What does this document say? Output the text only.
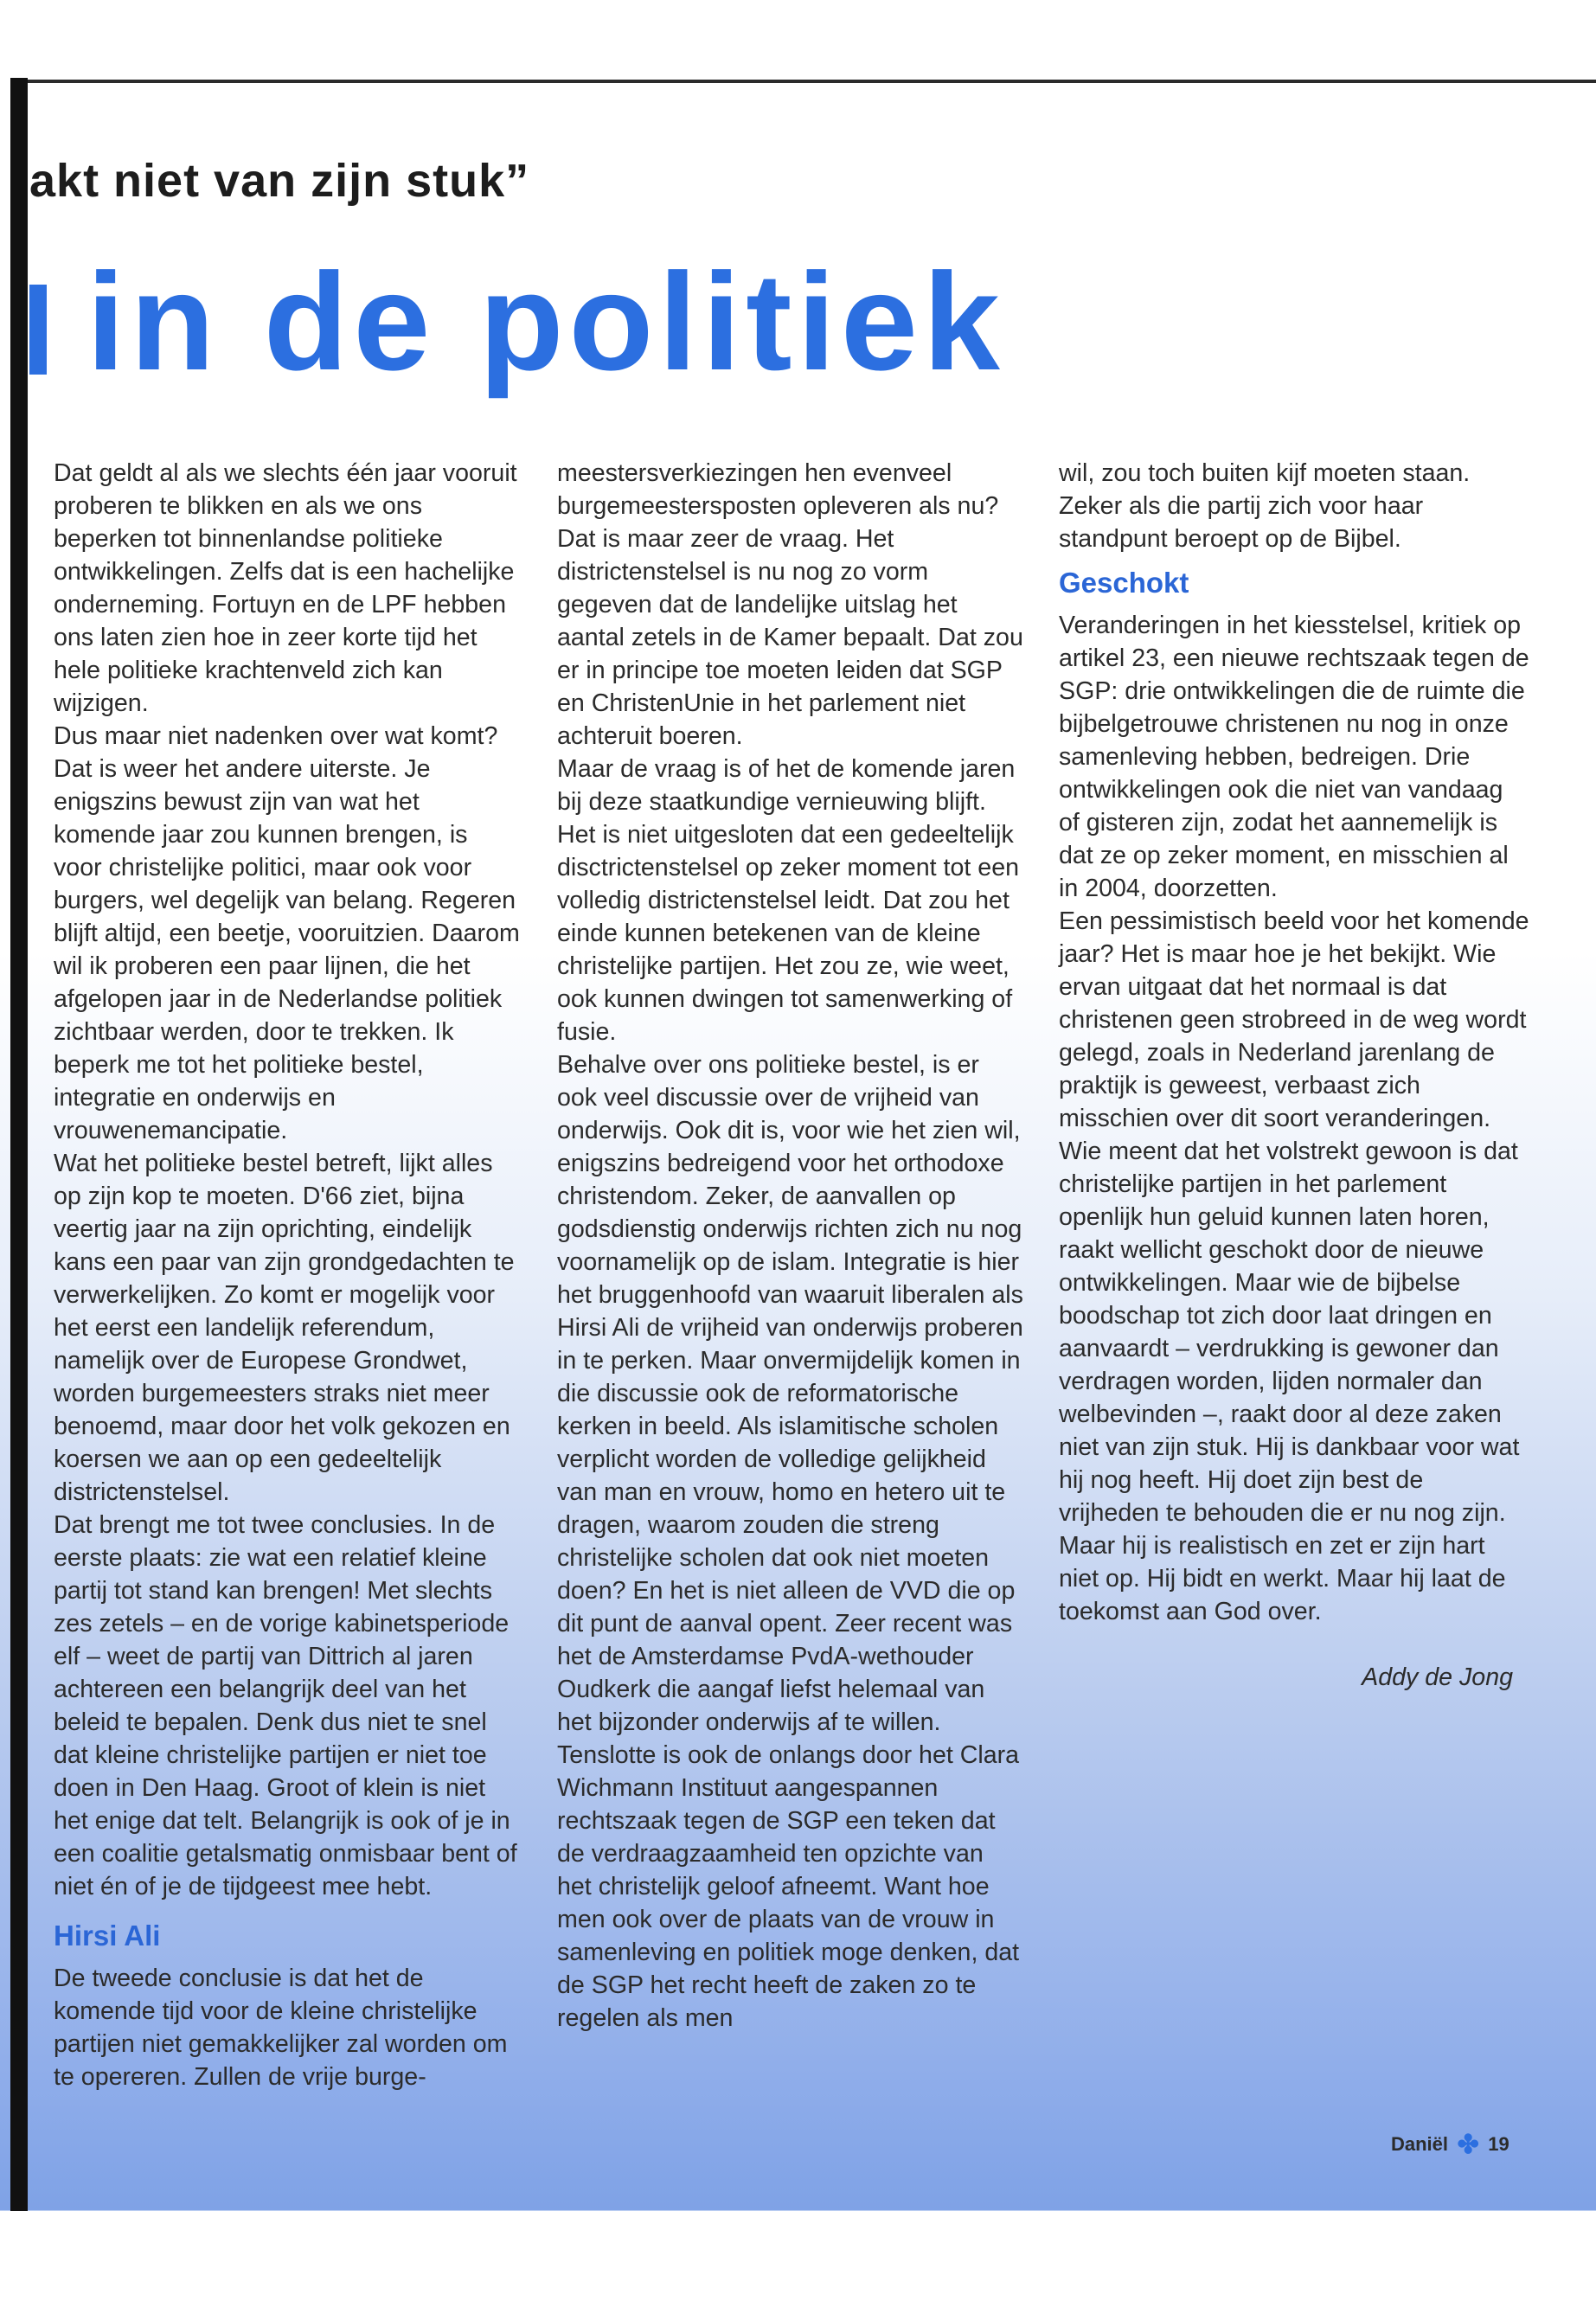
akt niet van zijn stuk”
in de politiek

Dat geldt al als we slechts één jaar vooruit proberen te blikken en als we ons beperken tot binnenlandse politieke ontwikkelingen. Zelfs dat is een hachelijke onderneming. Fortuyn en de LPF hebben ons laten zien hoe in zeer korte tijd het hele politieke krachtenveld zich kan wijzigen.

Dus maar niet nadenken over wat komt? Dat is weer het andere uiterste. Je enigszins bewust zijn van wat het komende jaar zou kunnen brengen, is voor christelijke politici, maar ook voor burgers, wel degelijk van belang. Regeren blijft altijd, een beetje, vooruitzien. Daarom wil ik proberen een paar lijnen, die het afgelopen jaar in de Nederlandse politiek zichtbaar werden, door te trekken. Ik beperk me tot het politieke bestel, integratie en onderwijs en vrouwenemancipatie.

Wat het politieke bestel betreft, lijkt alles op zijn kop te moeten. D'66 ziet, bijna veertig jaar na zijn oprichting, eindelijk kans een paar van zijn grondgedachten te verwerkelijken. Zo komt er mogelijk voor het eerst een landelijk referendum, namelijk over de Europese Grondwet, worden burgemeesters straks niet meer benoemd, maar door het volk gekozen en koersen we aan op een gedeeltelijk districtenstelsel.

Dat brengt me tot twee conclusies. In de eerste plaats: zie wat een relatief kleine partij tot stand kan brengen! Met slechts zes zetels – en de vorige kabinetsperiode elf – weet de partij van Dittrich al jaren achtereen een belangrijk deel van het beleid te bepalen. Denk dus niet te snel dat kleine christelijke partijen er niet toe doen in Den Haag. Groot of klein is niet het enige dat telt. Belangrijk is ook of je in een coalitie getalsmatig onmisbaar bent of niet én of je de tijdgeest mee hebt.

Hirsi Ali

De tweede conclusie is dat het de komende tijd voor de kleine christelijke partijen niet gemakkelijker zal worden om te opereren. Zullen de vrije burge-

meestersverkiezingen hen evenveel burgemeestersposten opleveren als nu? Dat is maar zeer de vraag. Het districtenstelsel is nu nog zo vorm gegeven dat de landelijke uitslag het aantal zetels in de Kamer bepaalt. Dat zou er in principe toe moeten leiden dat SGP en ChristenUnie in het parlement niet achteruit boeren.

Maar de vraag is of het de komende jaren bij deze staatkundige vernieuwing blijft. Het is niet uitgesloten dat een gedeeltelijk disctrictenstelsel op zeker moment tot een volledig districtenstelsel leidt. Dat zou het einde kunnen betekenen van de kleine christelijke partijen. Het zou ze, wie weet, ook kunnen dwingen tot samenwerking of fusie.

Behalve over ons politieke bestel, is er ook veel discussie over de vrijheid van onderwijs. Ook dit is, voor wie het zien wil, enigszins bedreigend voor het orthodoxe christendom. Zeker, de aanvallen op godsdienstig onderwijs richten zich nu nog voornamelijk op de islam. Integratie is hier het bruggenhoofd van waaruit liberalen als Hirsi Ali de vrijheid van onderwijs proberen in te perken. Maar onvermijdelijk komen in die discussie ook de reformatorische kerken in beeld. Als islamitische scholen verplicht worden de volledige gelijkheid van man en vrouw, homo en hetero uit te dragen, waarom zouden die streng christelijke scholen dat ook niet moeten doen? En het is niet alleen de VVD die op dit punt de aanval opent. Zeer recent was het de Amsterdamse PvdA-wethouder Oudkerk die aangaf liefst helemaal van het bijzonder onderwijs af te willen.

Tenslotte is ook de onlangs door het Clara Wichmann Instituut aangespannen rechtszaak tegen de SGP een teken dat de verdraagzaamheid ten opzichte van het christelijk geloof afneemt. Want hoe men ook over de plaats van de vrouw in samenleving en politiek moge denken, dat de SGP het recht heeft de zaken zo te regelen als men

wil, zou toch buiten kijf moeten staan. Zeker als die partij zich voor haar standpunt beroept op de Bijbel.

Geschokt

Veranderingen in het kiesstelsel, kritiek op artikel 23, een nieuwe rechtszaak tegen de SGP: drie ontwikkelingen die de ruimte die bijbelgetrouwe christenen nu nog in onze samenleving hebben, bedreigen. Drie ontwikkelingen ook die niet van vandaag of gisteren zijn, zodat het aannemelijk is dat ze op zeker moment, en misschien al in 2004, doorzetten.

Een pessimistisch beeld voor het komende jaar? Het is maar hoe je het bekijkt. Wie ervan uitgaat dat het normaal is dat christenen geen strobreed in de weg wordt gelegd, zoals in Nederland jarenlang de praktijk is geweest, verbaast zich misschien over dit soort veranderingen. Wie meent dat het volstrekt gewoon is dat christelijke partijen in het parlement openlijk hun geluid kunnen laten horen, raakt wellicht geschokt door de nieuwe ontwikkelingen. Maar wie de bijbelse boodschap tot zich door laat dringen en aanvaardt – verdrukking is gewoner dan verdragen worden, lijden normaler dan welbevinden –, raakt door al deze zaken niet van zijn stuk. Hij is dankbaar voor wat hij nog heeft. Hij doet zijn best de vrijheden te behouden die er nu nog zijn. Maar hij is realistisch en zet er zijn hart niet op. Hij bidt en werkt. Maar hij laat de toekomst aan God over.

Addy de Jong

Daniël ✤ 19
